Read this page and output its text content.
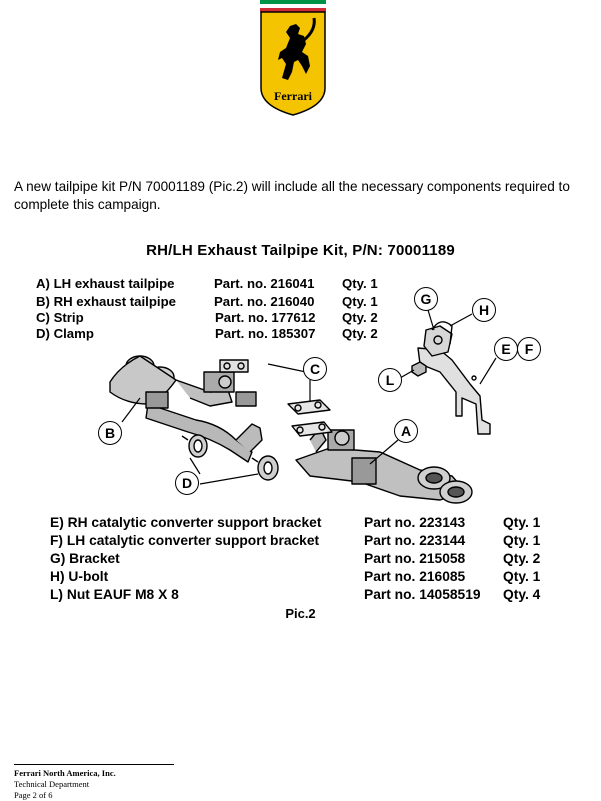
Ferrari
A new tailpipe kit P/N 70001189 (Pic.2) will include all the necessary components required to complete this campaign.
RH/LH Exhaust Tailpipe Kit, P/N: 70001189
A) LH exhaust tailpipe	Part. no. 216041 Qty. 1
B) RH exhaust tailpipe	Part. no. 216040 Qty. 1
C) Strip	Part. no. 177612 Qty. 2
D) Clamp	Part. no. 185307 Qty. 2
G
H
E	F
C
L
B	A
D
E) RH catalytic converter support bracket	Part no. 223143	Qty. 1
F) LH catalytic converter support bracket	Part no. 223144	Qty. 1
G) Bracket	Part no. 215058	Qty. 2
H) U-bolt	Part no. 216085	Qty. 1
L) Nut EAUF M8 X 8	Part no. 14058519 Qty. 4
Pic.2
Ferrari North America, Inc.
Technical Department
Page 2 of 6
